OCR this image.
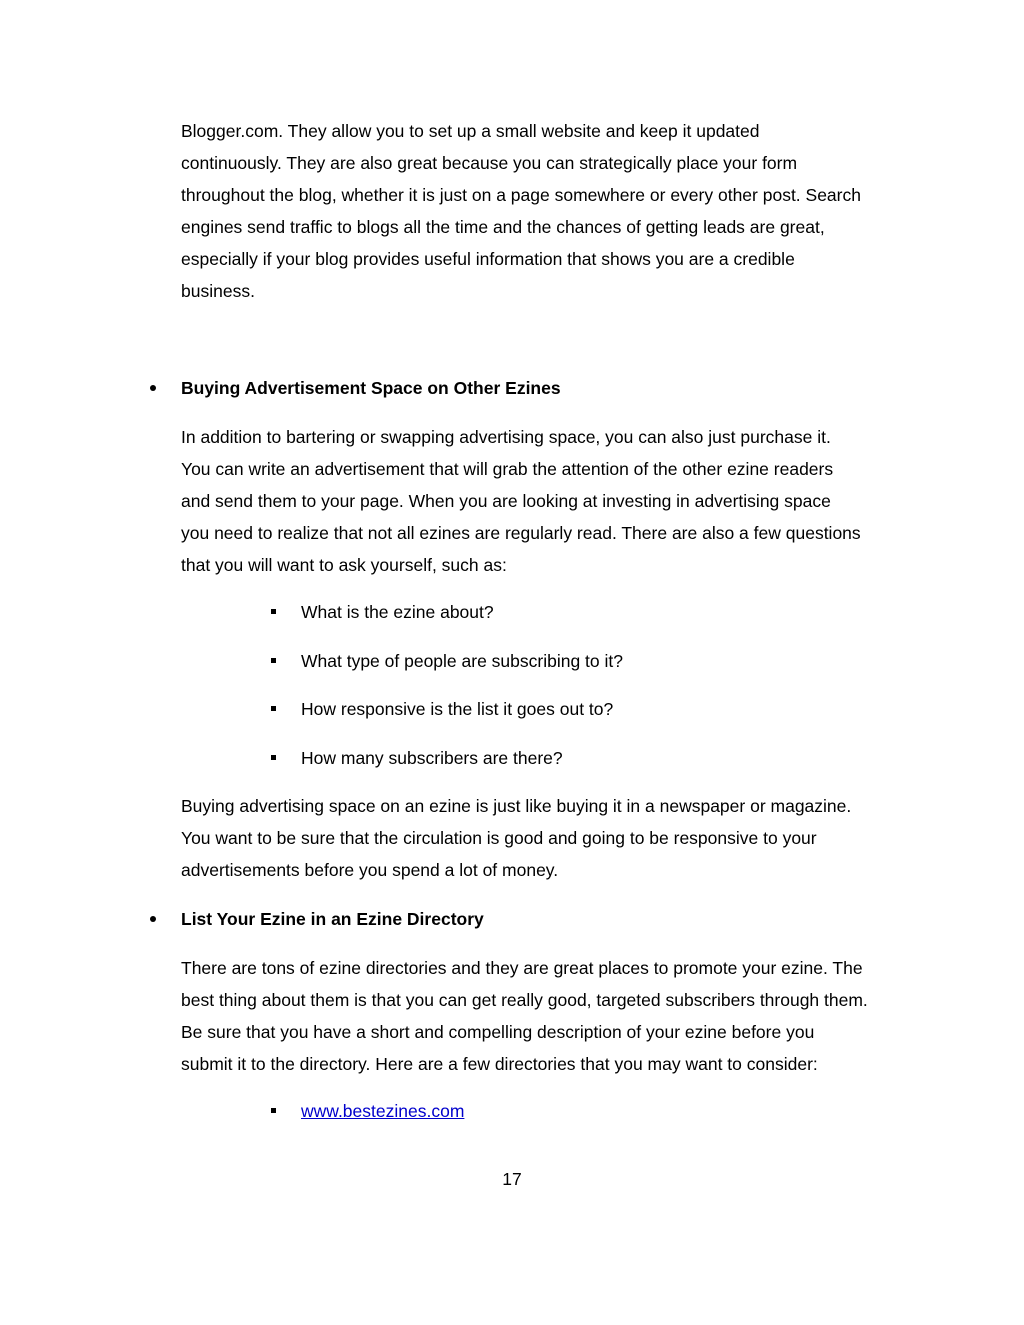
Blogger.com. They allow you to set up a small website and keep it updated
continuously. They are also great because you can strategically place your form
throughout the blog, whether it is just on a page somewhere or every other post. Search
engines send traffic to blogs all the time and the chances of getting leads are great,
especially if your blog provides useful information that shows you are a credible
business.
Buying Advertisement Space on Other Ezines
In addition to bartering or swapping advertising space, you can also just purchase it.
You can write an advertisement that will grab the attention of the other ezine readers
and send them to your page. When you are looking at investing in advertising space
you need to realize that not all ezines are regularly read. There are also a few questions
that you will want to ask yourself, such as:
What is the ezine about?
What type of people are subscribing to it?
How responsive is the list it goes out to?
How many subscribers are there?
Buying advertising space on an ezine is just like buying it in a newspaper or magazine.
You want to be sure that the circulation is good and going to be responsive to your
advertisements before you spend a lot of money.
List Your Ezine in an Ezine Directory
There are tons of ezine directories and they are great places to promote your ezine. The
best thing about them is that you can get really good, targeted subscribers through them.
Be sure that you have a short and compelling description of your ezine before you
submit it to the directory. Here are a few directories that you may want to consider:
www.bestezines.com
17
